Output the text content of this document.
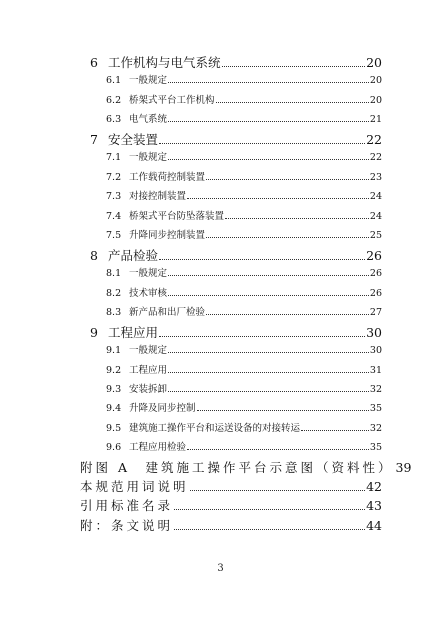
6 工作机构与电气系统	20
6.1 一般规定	20
6.2 桥架式平台工作机构	20
6.3 电气系统	21
7 安全装置	22
7.1 一般规定	22
7.2 工作载荷控制装置	23
7.3 对接控制装置	24
7.4 桥架式平台防坠落装置	24
7.5 升降同步控制装置	25
8 产品检验	26
8.1 一般规定	26
8.2 技术审核	26
8.3 新产品和出厂检验	27
9 工程应用	30
9.1 一般规定	30
9.2 工程应用	31
9.3 安装拆卸	32
9.4 升降及同步控制	35
9.5 建筑施工操作平台和运送设备的对接转运	32
9.6 工程应用检验	35
附图 A　建筑施工操作平台示意图（资料性） 39
本规范用词说明	42
引用标准名录	43
附：条文说明	44
3
